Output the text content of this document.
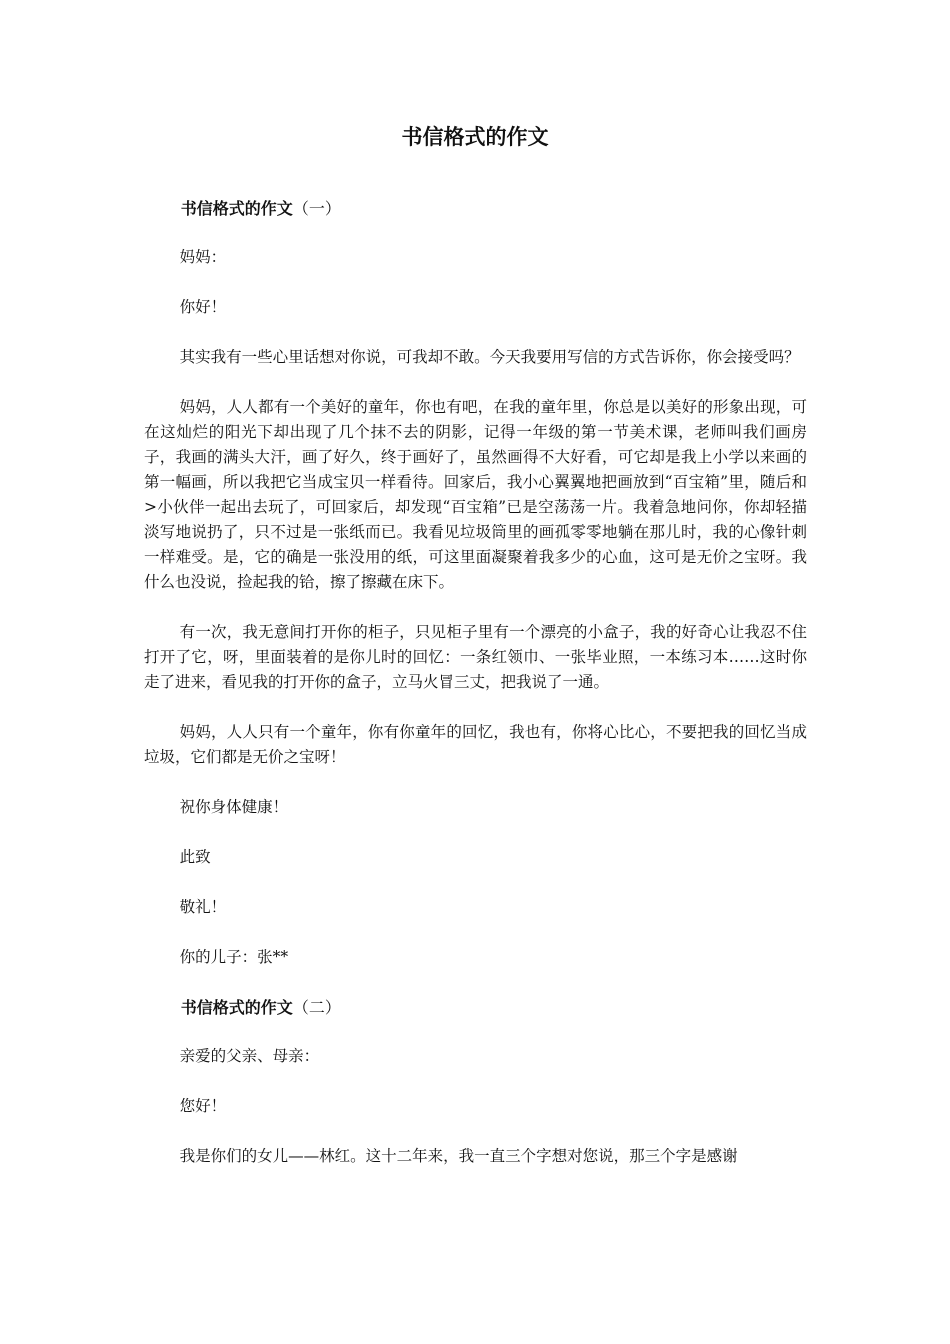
书信格式的作文

书信格式的作文（一）

妈妈：

你好！

其实我有一些心里话想对你说，可我却不敢。今天我要用写信的方式告诉你，你会接受吗？

妈妈，人人都有一个美好的童年，你也有吧，在我的童年里，你总是以美好的形象出现，可在这灿烂的阳光下却出现了几个抹不去的阴影，记得一年级的第一节美术课，老师叫我们画房子，我画的满头大汗，画了好久，终于画好了，虽然画得不大好看，可它却是我上小学以来画的第一幅画，所以我把它当成宝贝一样看待。回家后，我小心翼翼地把画放到“百宝箱”里，随后和>小伙伴一起出去玩了，可回家后，却发现“百宝箱”已是空荡荡一片。我着急地问你，你却轻描淡写地说扔了，只不过是一张纸而已。我看见垃圾筒里的画孤零零地躺在那儿时，我的心像针刺一样难受。是，它的确是一张没用的纸，可这里面凝聚着我多少的心血，这可是无价之宝呀。我什么也没说，捡起我的铪，擦了擦藏在床下。

有一次，我无意间打开你的柜子，只见柜子里有一个漂亮的小盒子，我的好奇心让我忍不住打开了它，呀，里面装着的是你儿时的回忆：一条红领巾、一张毕业照，一本练习本……这时你走了进来，看见我的打开你的盒子，立马火冒三丈，把我说了一通。

妈妈，人人只有一个童年，你有你童年的回忆，我也有，你将心比心，不要把我的回忆当成垃圾，它们都是无价之宝呀！

祝你身体健康！

此致

敬礼！

你的儿子：张**

书信格式的作文（二）

亲爱的父亲、母亲：

您好！

我是你们的女儿——林红。这十二年来，我一直三个字想对您说，那三个字是感谢
